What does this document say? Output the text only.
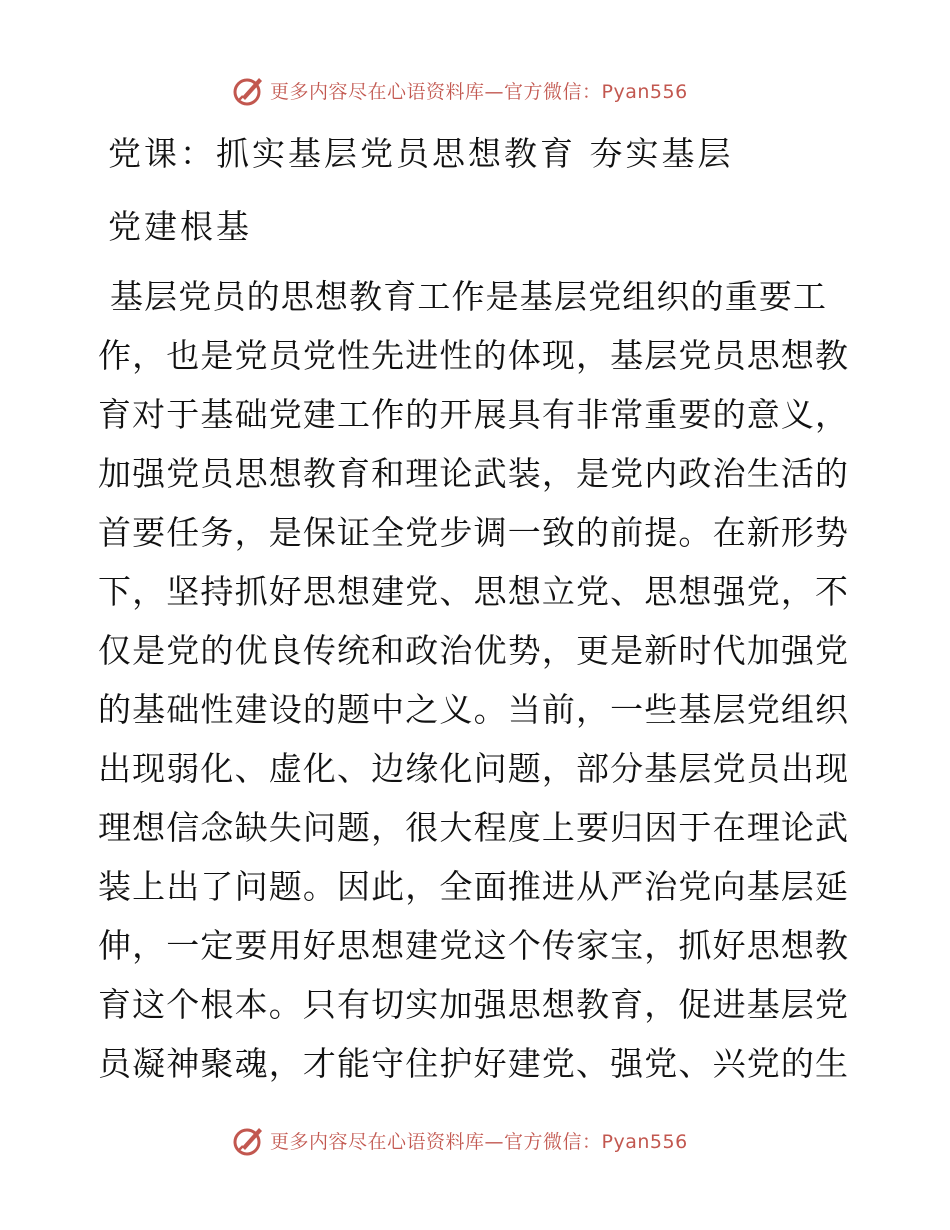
更多内容尽在心语资料库—官方微信：Pyan556
党课：抓实基层党员思想教育 夯实基层
党建根基
基层党员的思想教育工作是基层党组织的重要工
作，也是党员党性先进性的体现，基层党员思想教
育对于基础党建工作的开展具有非常重要的意义，
加强党员思想教育和理论武装，是党内政治生活的
首要任务，是保证全党步调一致的前提。在新形势
下，坚持抓好思想建党、思想立党、思想强党，不
仅是党的优良传统和政治优势，更是新时代加强党
的基础性建设的题中之义。当前，一些基层党组织
出现弱化、虚化、边缘化问题，部分基层党员出现
理想信念缺失问题，很大程度上要归因于在理论武
装上出了问题。因此，全面推进从严治党向基层延
伸，一定要用好思想建党这个传家宝，抓好思想教
育这个根本。只有切实加强思想教育，促进基层党
员凝神聚魂，才能守住护好建党、强党、兴党的生
更多内容尽在心语资料库—官方微信：Pyan556
